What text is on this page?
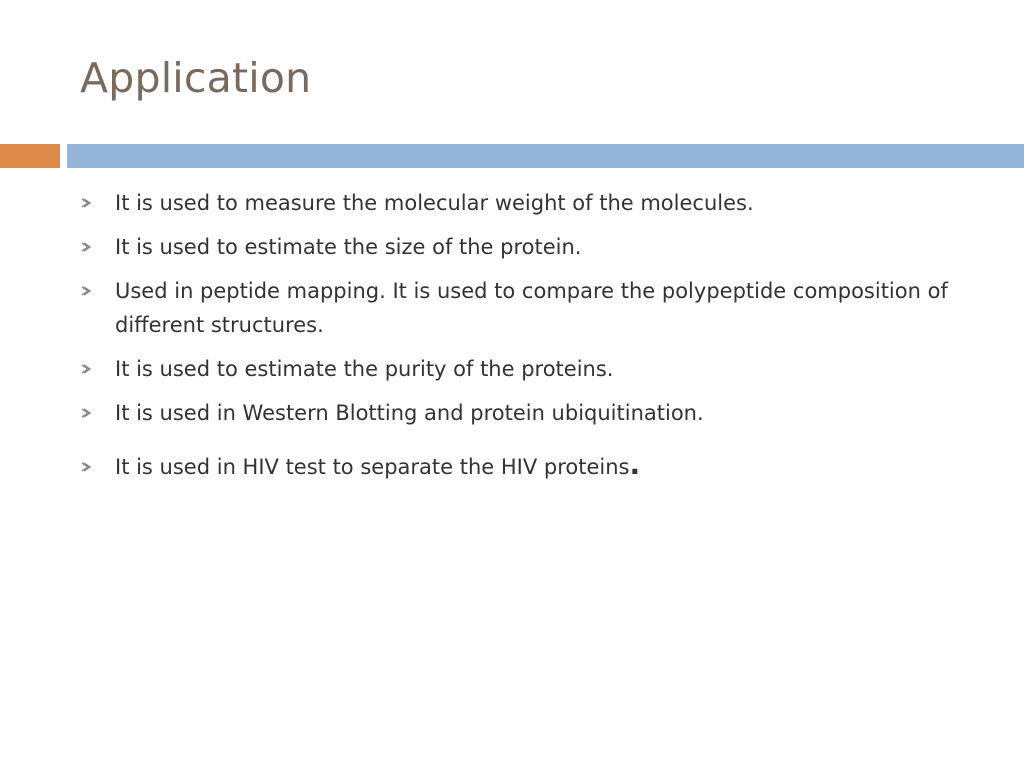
Application
It is used to measure the molecular weight of the molecules.
It is used to estimate the size of the protein.
Used in peptide mapping. It is used to compare the polypeptide composition of different structures.
It is used to estimate the purity of the proteins.
It is used in Western Blotting and protein ubiquitination.
It is used in HIV test to separate the HIV proteins.
